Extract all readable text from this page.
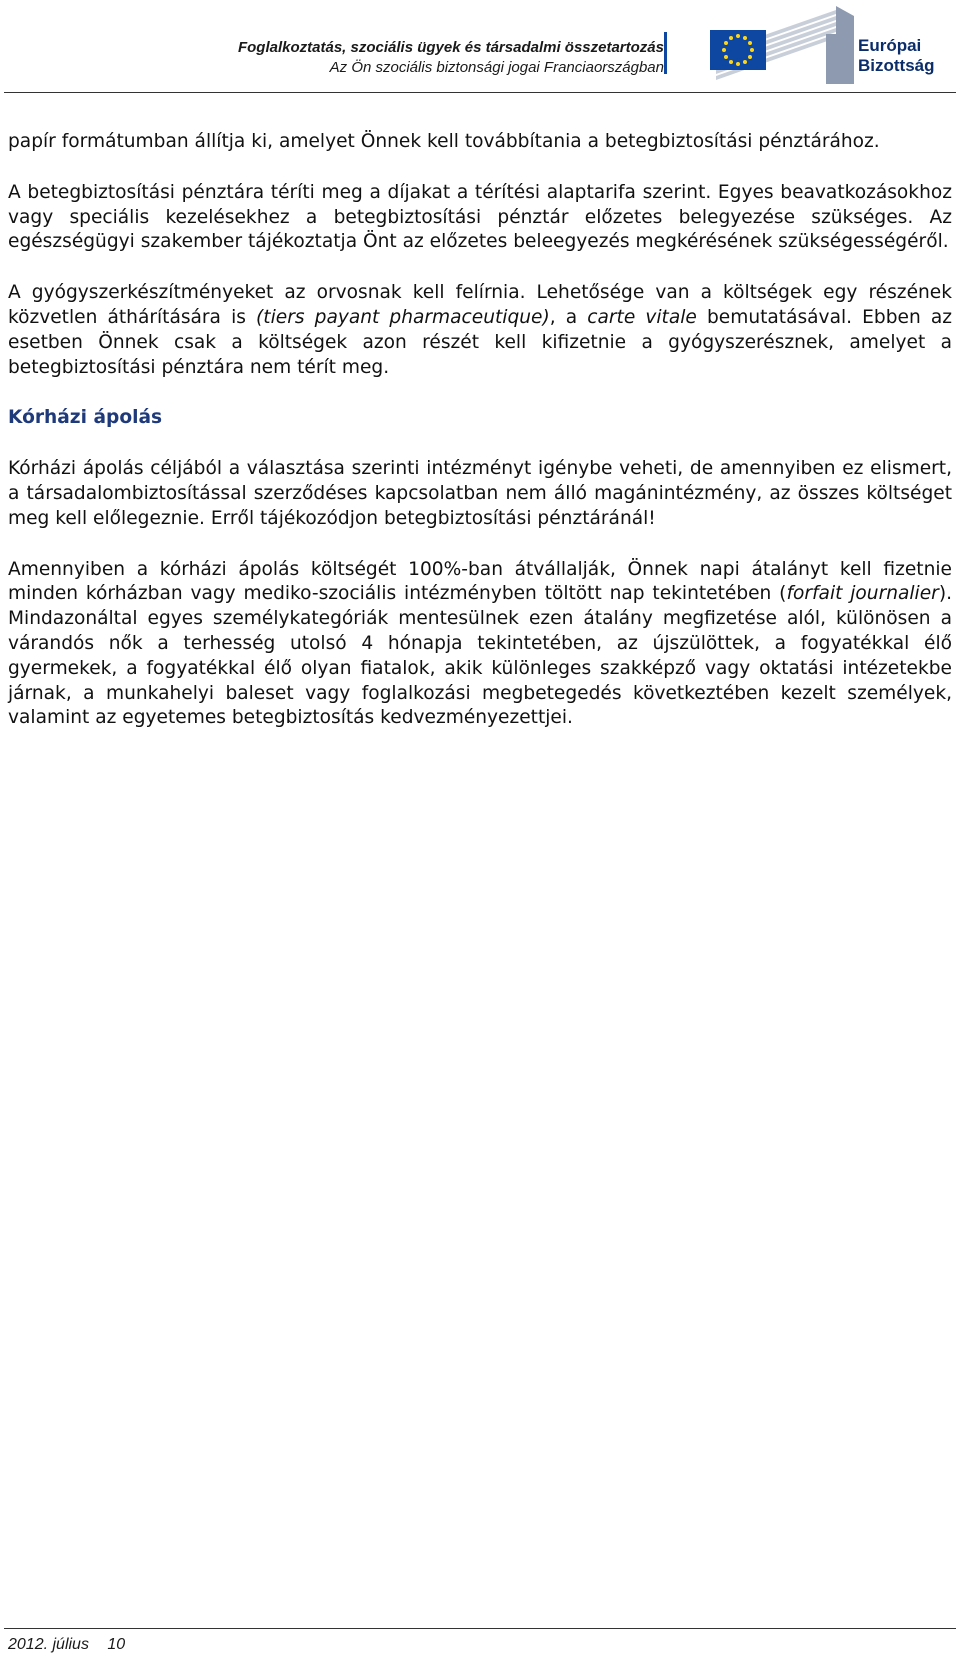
Foglalkoztatás, szociális ügyek és társadalmi összetartozás
Az Ön szociális biztonsági jogai Franciaországban
Európai
Bizottság

papír formátumban állítja ki, amelyet Önnek kell továbbítania a betegbiztosítási pénztárához.

A betegbiztosítási pénztára téríti meg a díjakat a térítési alaptarifa szerint. Egyes beavatkozásokhoz vagy speciális kezelésekhez a betegbiztosítási pénztár előzetes belegyezése szükséges. Az egészségügyi szakember tájékoztatja Önt az előzetes beleegyezés megkérésének szükségességéről.

A gyógyszerkészítményeket az orvosnak kell felírnia. Lehetősége van a költségek egy részének közvetlen áthárítására is (tiers payant pharmaceutique), a carte vitale bemutatásával. Ebben az esetben Önnek csak a költségek azon részét kell kifizetnie a gyógyszerésznek, amelyet a betegbiztosítási pénztára nem térít meg.

Kórházi ápolás

Kórházi ápolás céljából a választása szerinti intézményt igénybe veheti, de amennyiben ez elismert, a társadalombiztosítással szerződéses kapcsolatban nem álló magánintézmény, az összes költséget meg kell előlegeznie. Erről tájékozódjon betegbiztosítási pénztáránál!

Amennyiben a kórházi ápolás költségét 100%-ban átvállalják, Önnek napi átalányt kell fizetnie minden kórházban vagy mediko-szociális intézményben töltött nap tekintetében (forfait journalier). Mindazonáltal egyes személykategóriák mentesülnek ezen átalány megfizetése alól, különösen a várandós nők a terhesség utolsó 4 hónapja tekintetében, az újszülöttek, a fogyatékkal élő gyermekek, a fogyatékkal élő olyan fiatalok, akik különleges szakképző vagy oktatási intézetekbe járnak, a munkahelyi baleset vagy foglalkozási megbetegedés következtében kezelt személyek, valamint az egyetemes betegbiztosítás kedvezményezettjei.

2012. július 10
